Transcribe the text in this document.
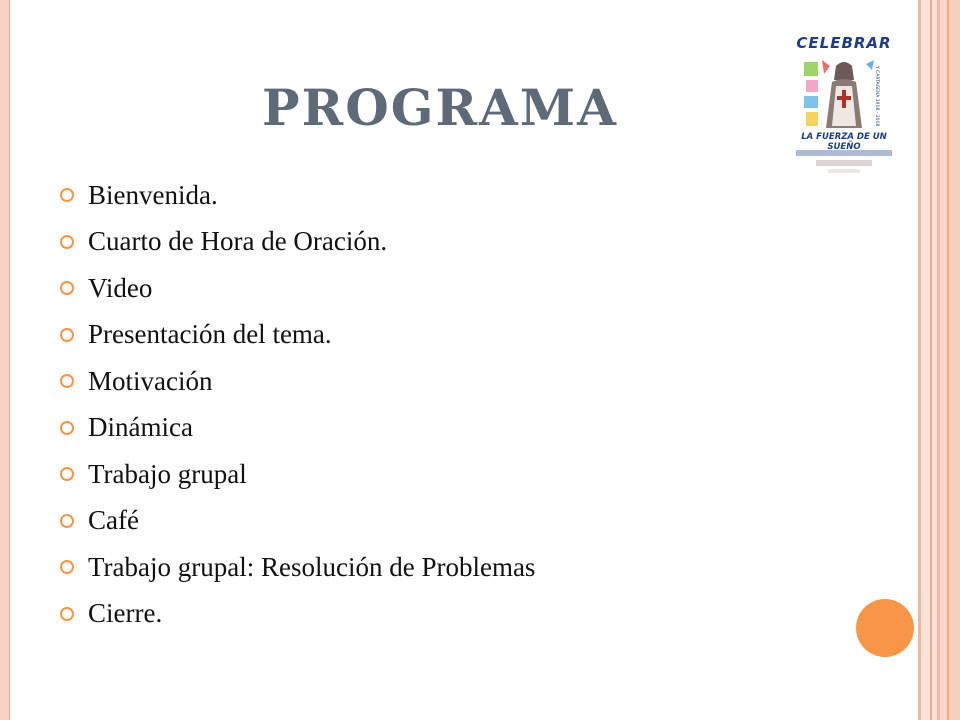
PROGRAMA
Bienvenida.
Cuarto de Hora de Oración.
Video
Presentación del tema.
Motivación
Dinámica
Trabajo grupal
Café
Trabajo grupal: Resolución de Problemas
Cierre.
CELEBRAR
Y CARTAGENA 1918 - 2018
LA FUERZA DE UN SUEÑO
